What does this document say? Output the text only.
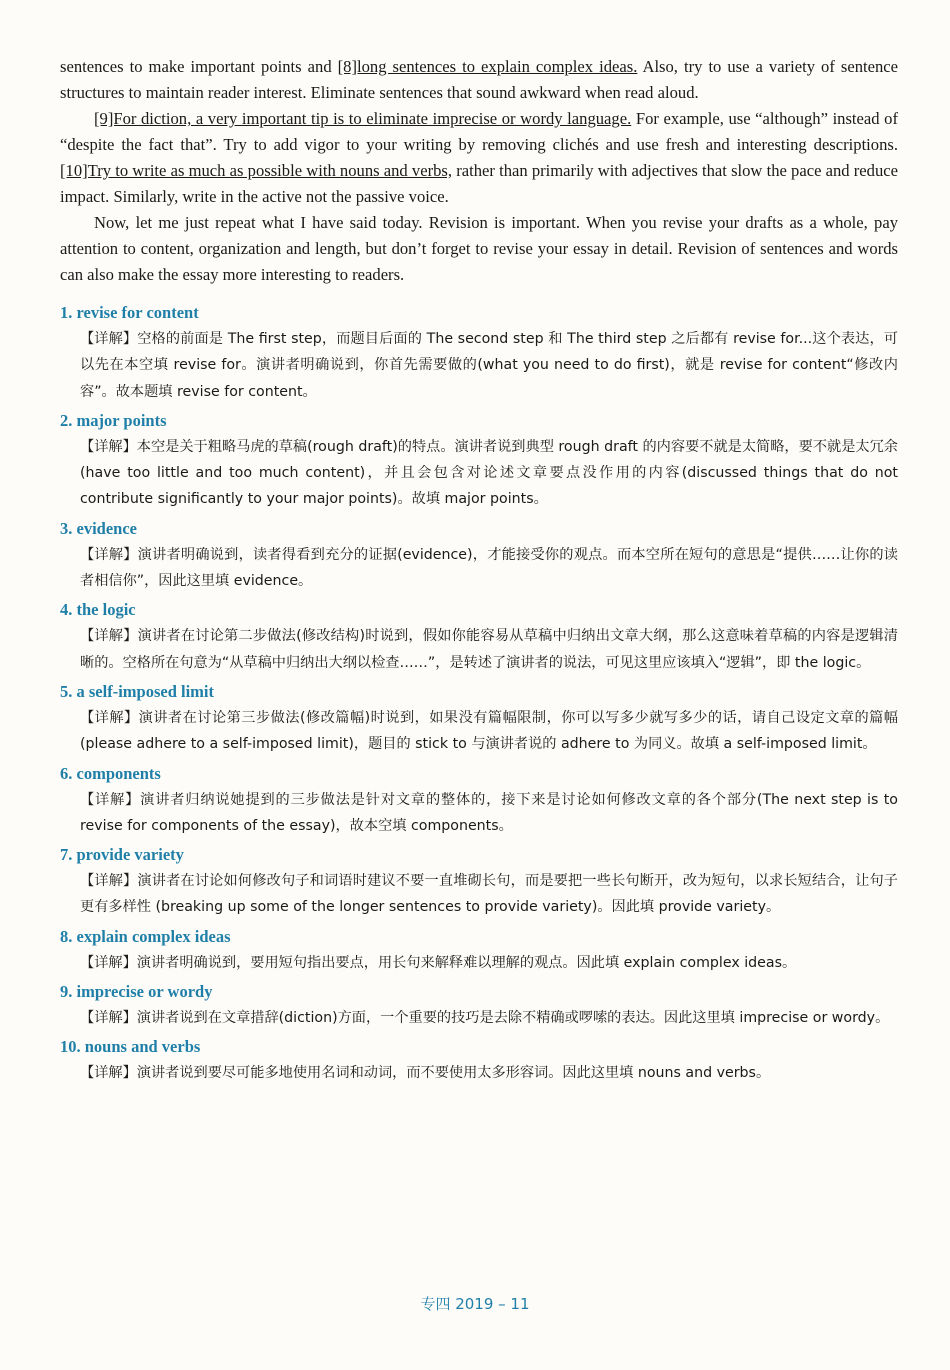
sentences to make important points and [8]long sentences to explain complex ideas. Also, try to use a variety of sentence structures to maintain reader interest. Eliminate sentences that sound awkward when read aloud.

[9]For diction, a very important tip is to eliminate imprecise or wordy language. For example, use “although” instead of “despite the fact that”. Try to add vigor to your writing by removing clichés and use fresh and interesting descriptions. [10]Try to write as much as possible with nouns and verbs, rather than primarily with adjectives that slow the pace and reduce impact. Similarly, write in the active not the passive voice.

Now, let me just repeat what I have said today. Revision is important. When you revise your drafts as a whole, pay attention to content, organization and length, but don’t forget to revise your essay in detail. Revision of sentences and words can also make the essay more interesting to readers.

1. revise for content

【详解】空格的前面是 The first step，而题目后面的 The second step 和 The third step 之后都有 revise for...这个表达，可以先在本空填 revise for。演讲者明确说到，你首先需要做的(what you need to do first)，就是 revise for content“修改内容”。故本题填 revise for content。

2. major points

【详解】本空是关于粗略马虎的草稿(rough draft)的特点。演讲者说到典型 rough draft 的内容要不就是太简略，要不就是太冗余 (have too little and too much content)，并且会包含对论述文章要点没作用的内容(discussed things that do not contribute significantly to your major points)。故填 major points。

3. evidence

【详解】演讲者明确说到，读者得看到充分的证据(evidence)，才能接受你的观点。而本空所在短句的意思是“提供……让你的读者相信你”，因此这里填 evidence。

4. the logic

【详解】演讲者在讨论第二步做法(修改结构)时说到，假如你能容易从草稿中归纳出文章大纲，那么这意味着草稿的内容是逻辑清晰的。空格所在句意为“从草稿中归纳出大纲以检查……”，是转述了演讲者的说法，可见这里应该填入“逻辑”，即 the logic。

5. a self-imposed limit

【详解】演讲者在讨论第三步做法(修改篇幅)时说到，如果没有篇幅限制，你可以写多少就写多少的话，请自己设定文章的篇幅 (please adhere to a self-imposed limit)，题目的 stick to 与演讲者说的 adhere to 为同义。故填 a self-imposed limit。

6. components

【详解】演讲者归纳说她提到的三步做法是针对文章的整体的，接下来是讨论如何修改文章的各个部分(The next step is to revise for components of the essay)，故本空填 components。

7. provide variety

【详解】演讲者在讨论如何修改句子和词语时建议不要一直堆砌长句，而是要把一些长句断开，改为短句，以求长短结合，让句子更有多样性 (breaking up some of the longer sentences to provide variety)。因此填 provide variety。

8. explain complex ideas

【详解】演讲者明确说到，要用短句指出要点，用长句来解释难以理解的观点。因此填 explain complex ideas。

9. imprecise or wordy

【详解】演讲者说到在文章措辞(diction)方面，一个重要的技巧是去除不精确或啰嗦的表达。因此这里填 imprecise or wordy。

10. nouns and verbs

【详解】演讲者说到要尽可能多地使用名词和动词，而不要使用太多形容词。因此这里填 nouns and verbs。

专四 2019 – 11
